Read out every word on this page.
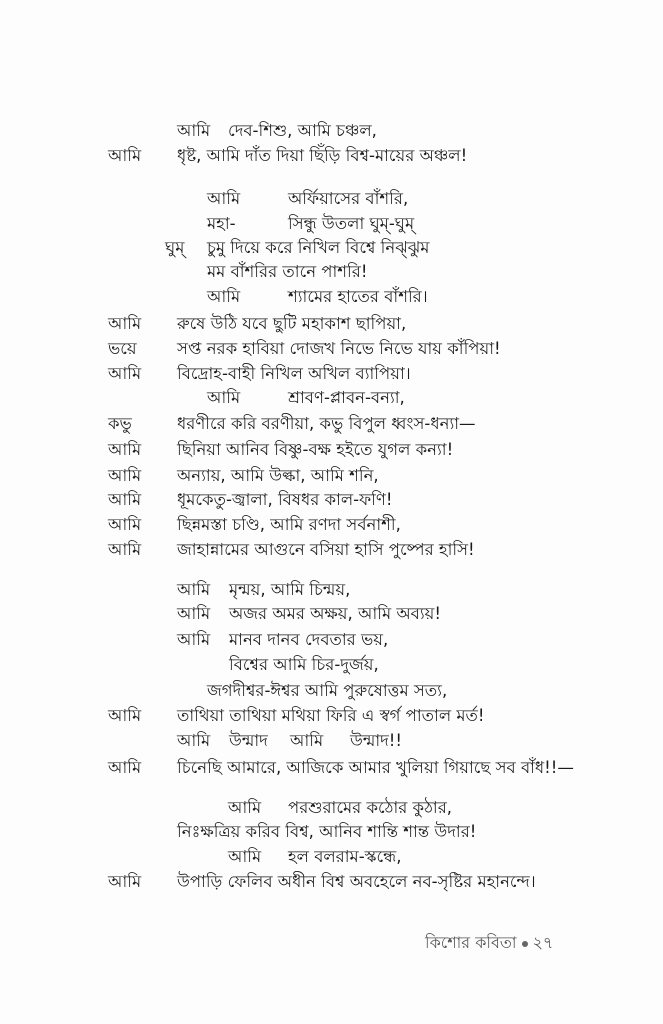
আমি দেব-শিশু, আমি চঞ্চল,
আমি ধৃষ্ট, আমি দাঁত দিয়া ছিঁড়ি বিশ্ব-মায়ের অঞ্চল!
আমি	অর্ফিয়াসের বাঁশরি,
মহা-	সিন্ধু উতলা ঘুম্‌-ঘুম্‌
ঘুম্‌ চুমু দিয়ে করে নিখিল বিশ্বে নিঝ্‌ঝুম
মম বাঁশরির তানে পাশরি!
আমি	শ্যামের হাতের বাঁশরি।
আমি রুষে উঠি যবে ছুটি মহাকাশ ছাপিয়া,
ভয়ে সপ্ত নরক হাবিয়া দোজখ নিভে নিভে যায় কাঁপিয়া!
আমি বিদ্রোহ-বাহী নিখিল অখিল ব্যাপিয়া।
আমি	শ্রাবণ-প্লাবন-বন্যা,
কভু	ধরণীরে করি বরণীয়া, কভু বিপুল ধ্বংস-ধন্যা—
আমি ছিনিয়া আনিব বিষ্ণু-বক্ষ হইতে যুগল কন্যা!
আমি অন্যায়, আমি উল্কা, আমি শনি,
আমি ধূমকেতু-জ্বালা, বিষধর কাল-ফণি!
আমি ছিন্নমস্তা চণ্ডি, আমি রণদা সর্বনাশী,
আমি জাহান্নামের আগুনে বসিয়া হাসি পুষ্পের হাসি!
আমি মৃন্ময়, আমি চিন্ময়,
আমি অজর অমর অক্ষয়, আমি অব্যয়!
আমি মানব দানব দেবতার ভয়,
বিশ্বের আমি চির-দুর্জয়,
জগদীশ্বর-ঈশ্বর আমি পুরুষোত্তম সত্য,
আমি তাথিয়া তাথিয়া মথিয়া ফিরি এ স্বর্গ পাতাল মর্ত!
আমি উন্মাদ আমি উন্মাদ!!
আমি চিনেছি আমারে, আজিকে আমার খুলিয়া গিয়াছে সব বাঁধ!!—
আমি পরশুরামের কঠোর কুঠার,
নিঃক্ষত্রিয় করিব বিশ্ব, আনিব শান্তি শান্ত উদার!
আমি হল বলরাম-স্কন্ধে,
আমি উপাড়ি ফেলিব অধীন বিশ্ব অবহেলে নব-সৃষ্টির মহানন্দে।
কিশোর কবিতা ২৭
